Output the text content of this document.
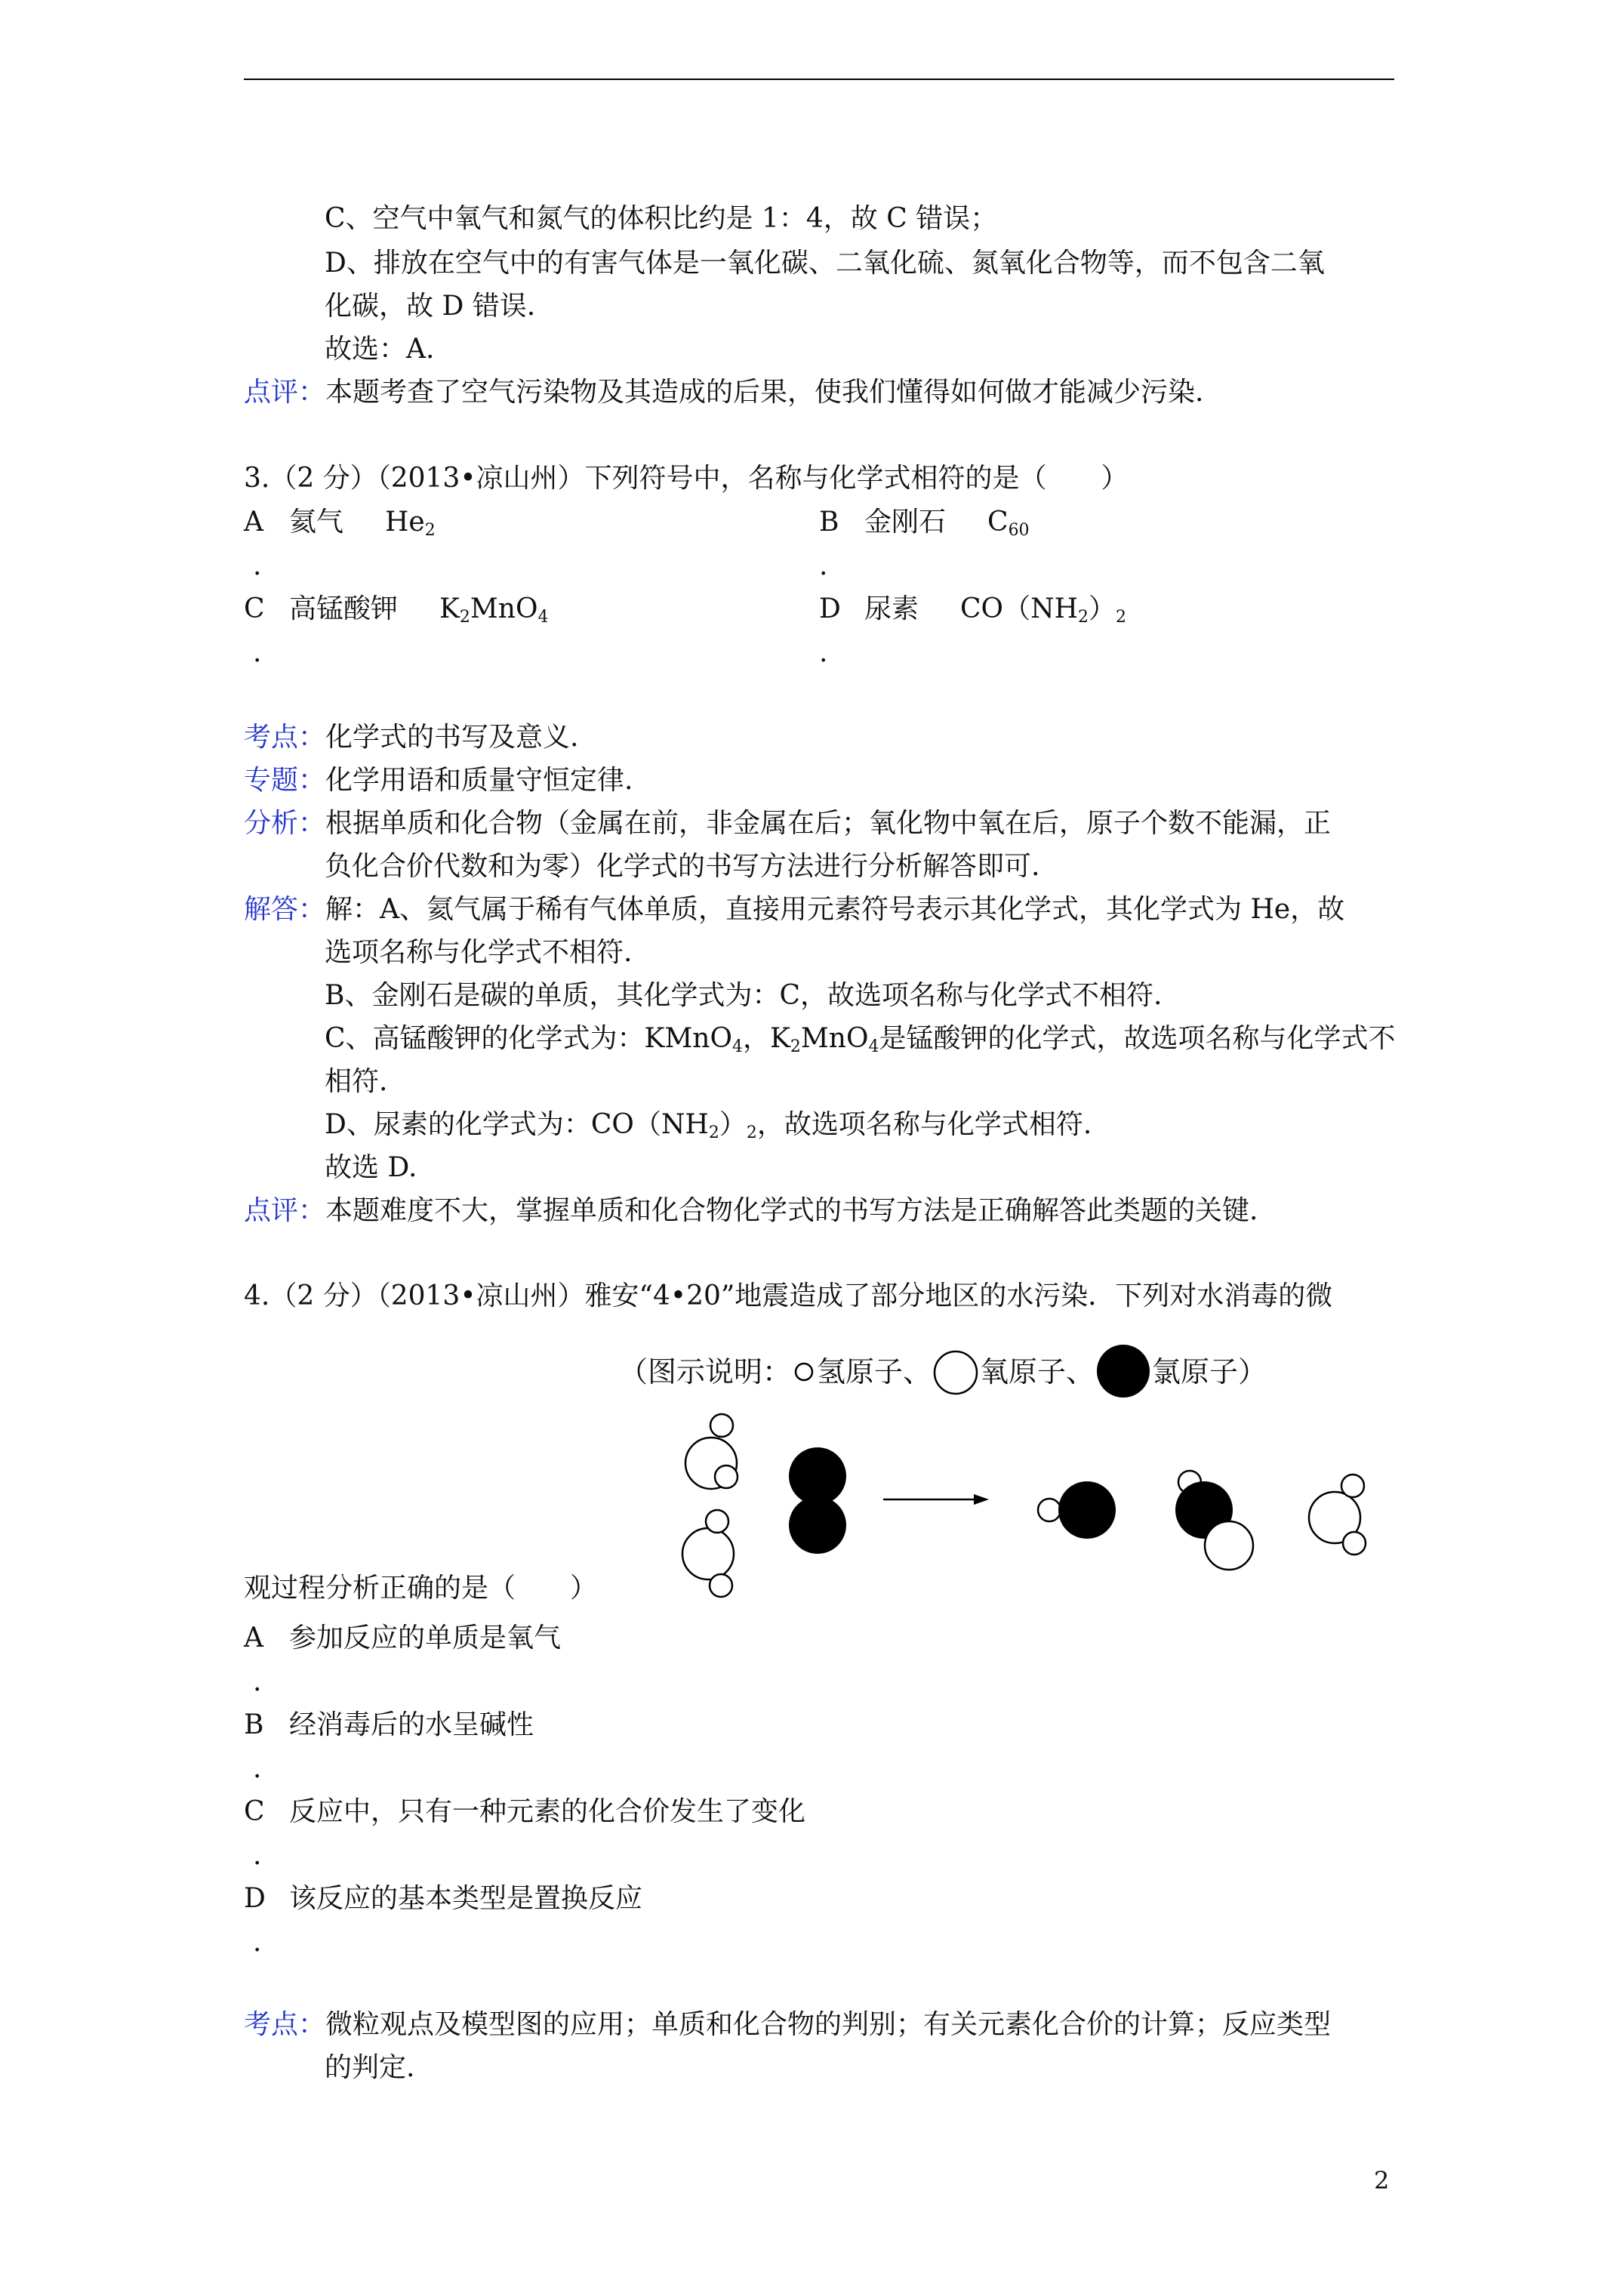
C、空气中氧气和氮气的体积比约是 1：4，故 C 错误；
D、排放在空气中的有害气体是一氧化碳、二氧化硫、氮氧化合物等，而不包含二氧
化碳，故 D 错误.
故选：A.
点评：本题考查了空气污染物及其造成的后果，使我们懂得如何做才能减少污染.
3.（2 分）（2013•凉山州）下列符号中，名称与化学式相符的是（　　）
A 氦气 $He_2$
.
B 金刚石 $C_{60}$
.
C 高锰酸钾 $K_2MnO_4$
.
D 尿素 $CO(NH_2)_2$
.
考点：化学式的书写及意义.
专题：化学用语和质量守恒定律.
分析：根据单质和化合物（金属在前，非金属在后；氧化物中氧在后，原子个数不能漏，正
负化合价代数和为零）化学式的书写方法进行分析解答即可.
解答：解：A、氦气属于稀有气体单质，直接用元素符号表示其化学式，其化学式为 He，故
选项名称与化学式不相符.
B、金刚石是碳的单质，其化学式为：C，故选项名称与化学式不相符.
C、高锰酸钾的化学式为：KMnO$_4$，$K_2MnO_4$是锰酸钾的化学式，故选项名称与化学式不
相符.
D、尿素的化学式为：$CO(NH_2)_2$，故选项名称与化学式相符.
故选 D.
点评：本题难度不大，掌握单质和化合物化学式的书写方法是正确解答此类题的关键.
4.（2 分）（2013•凉山州）雅安“4•20”地震造成了部分地区的水污染．下列对水消毒的微
（图示说明： 氢原子、 氧原子、 氯原子）
观过程分析正确的是（　　）
A 参加反应的单质是氧气
.
B 经消毒后的水呈碱性
.
C 反应中，只有一种元素的化合价发生了变化
.
D 该反应的基本类型是置换反应
.
考点：微粒观点及模型图的应用；单质和化合物的判别；有关元素化合价的计算；反应类型
的判定.
2
